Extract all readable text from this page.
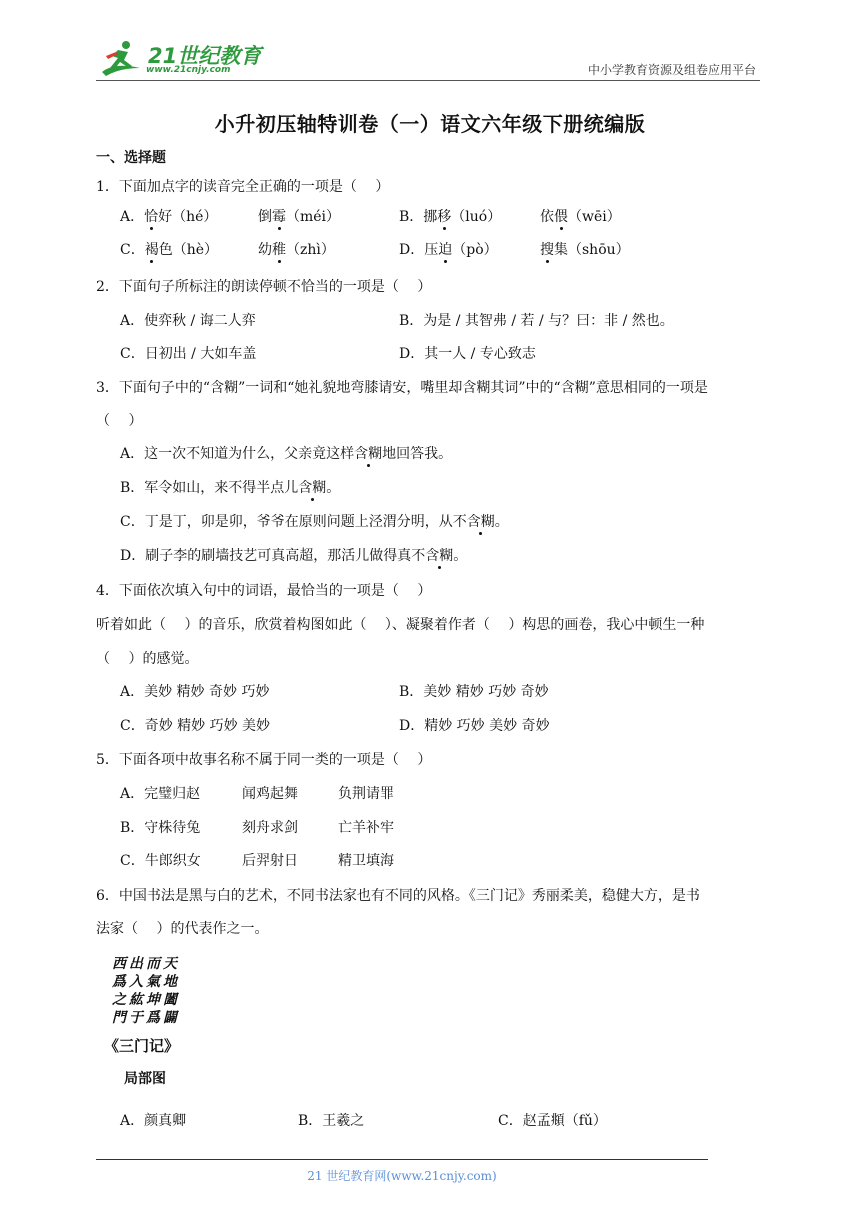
21世纪教育
www.21cnjy.com	中小学教育资源及组卷应用平台
小升初压轴特训卷（一）语文六年级下册统编版
一、选择题
1．下面加点字的读音完全正确的一项是（　 ）
A．恰好（hé）	倒霉（méi）	B．挪移（luó）	依偎（wēi）
C．褐色（hè）	幼稚（zhì）	D．压迫（pò）	搜集（shōu）
2．下面句子所标注的朗读停顿不恰当的一项是（　 ）
A．使弈秋 / 诲二人弈	B．为是 / 其智弗 / 若 / 与？曰：非 / 然也。
C．日初出 / 大如车盖	D．其一人 / 专心致志
3．下面句子中的“含糊”一词和“她礼貌地弯膝请安，嘴里却含糊其词”中的“含糊”意思相同的一项是
（　 ）
A．这一次不知道为什么，父亲竟这样含糊地回答我。
B．军令如山，来不得半点儿含糊。
C．丁是丁，卯是卯，爷爷在原则问题上泾渭分明，从不含糊。
D．刷子李的刷墙技艺可真高超，那活儿做得真不含糊。
4．下面依次填入句中的词语，最恰当的一项是（　 ）
听着如此（　 ）的音乐，欣赏着构图如此（　 ）、凝聚着作者（　 ）构思的画卷，我心中顿生一种
（　 ）的感觉。
A．美妙 精妙 奇妙 巧妙	B．美妙 精妙 巧妙 奇妙
C．奇妙 精妙 巧妙 美妙	D．精妙 巧妙 美妙 奇妙
5．下面各项中故事名称不属于同一类的一项是（　 ）
A．完璧归赵	闻鸡起舞	负荆请罪
B．守株待兔	刻舟求剑	亡羊补牢
C．牛郎织女	后羿射日	精卫填海
6．中国书法是黑与白的艺术，不同书法家也有不同的风格。《三门记》秀丽柔美，稳健大方，是书
法家（　 ）的代表作之一。
西出而天
爲入氣地
之紘坤闔
門于爲闢
《三门记》
局部图
A．颜真卿	B．王羲之	C．赵孟頫（fǔ）
21 世纪教育网(www.21cnjy.com)
